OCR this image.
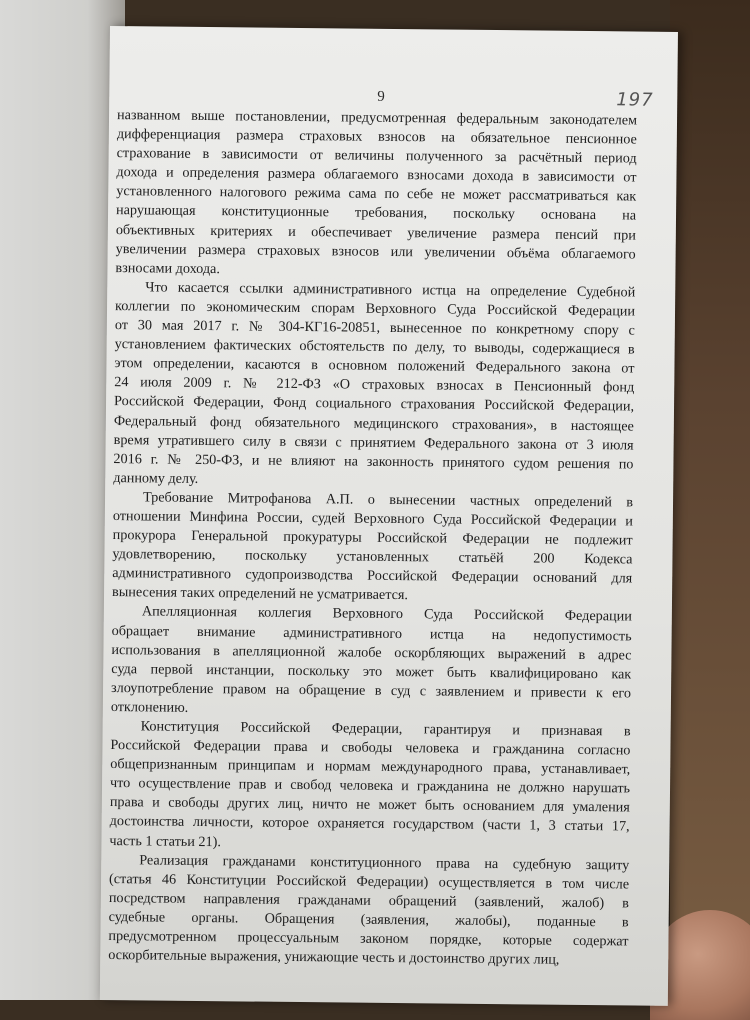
9	197

названном выше постановлении, предусмотренная федеральным законодателем
дифференциация размера страховых взносов на обязательное пенсионное
страхование в зависимости от величины полученного за расчётный период
дохода и определения размера облагаемого взносами дохода в зависимости от
установленного налогового режима сама по себе не может рассматриваться как
нарушающая конституционные требования, поскольку основана на
объективных критериях и обеспечивает увеличение размера пенсий при
увеличении размера страховых взносов или увеличении объёма облагаемого
взносами дохода.

Что касается ссылки административного истца на определение Судебной
коллегии по экономическим спорам Верховного Суда Российской Федерации
от 30 мая 2017 г. № 304-КГ16-20851, вынесенное по конкретному спору с
установлением фактических обстоятельств по делу, то выводы, содержащиеся в
этом определении, касаются в основном положений Федерального закона от
24 июля 2009 г. № 212-ФЗ «О страховых взносах в Пенсионный фонд
Российской Федерации, Фонд социального страхования Российской Федерации,
Федеральный фонд обязательного медицинского страхования», в настоящее
время утратившего силу в связи с принятием Федерального закона от 3 июля
2016 г. № 250-ФЗ, и не влияют на законность принятого судом решения по
данному делу.

Требование Митрофанова А.П. о вынесении частных определений в
отношении Минфина России, судей Верховного Суда Российской Федерации и
прокурора Генеральной прокуратуры Российской Федерации не подлежит
удовлетворению, поскольку установленных статьёй 200 Кодекса
административного судопроизводства Российской Федерации оснований для
вынесения таких определений не усматривается.

Апелляционная коллегия Верховного Суда Российской Федерации
обращает внимание административного истца на недопустимость
использования в апелляционной жалобе оскорбляющих выражений в адрес
суда первой инстанции, поскольку это может быть квалифицировано как
злоупотребление правом на обращение в суд с заявлением и привести к его
отклонению.

Конституция Российской Федерации, гарантируя и признавая в
Российской Федерации права и свободы человека и гражданина согласно
общепризнанным принципам и нормам международного права, устанавливает,
что осуществление прав и свобод человека и гражданина не должно нарушать
права и свободы других лиц, ничто не может быть основанием для умаления
достоинства личности, которое охраняется государством (части 1, 3 статьи 17,
часть 1 статьи 21).

Реализация гражданами конституционного права на судебную защиту
(статья 46 Конституции Российской Федерации) осуществляется в том числе
посредством направления гражданами обращений (заявлений, жалоб) в
судебные органы. Обращения (заявления, жалобы), поданные в
предусмотренном процессуальным законом порядке, которые содержат
оскорбительные выражения, унижающие честь и достоинство других лиц,
